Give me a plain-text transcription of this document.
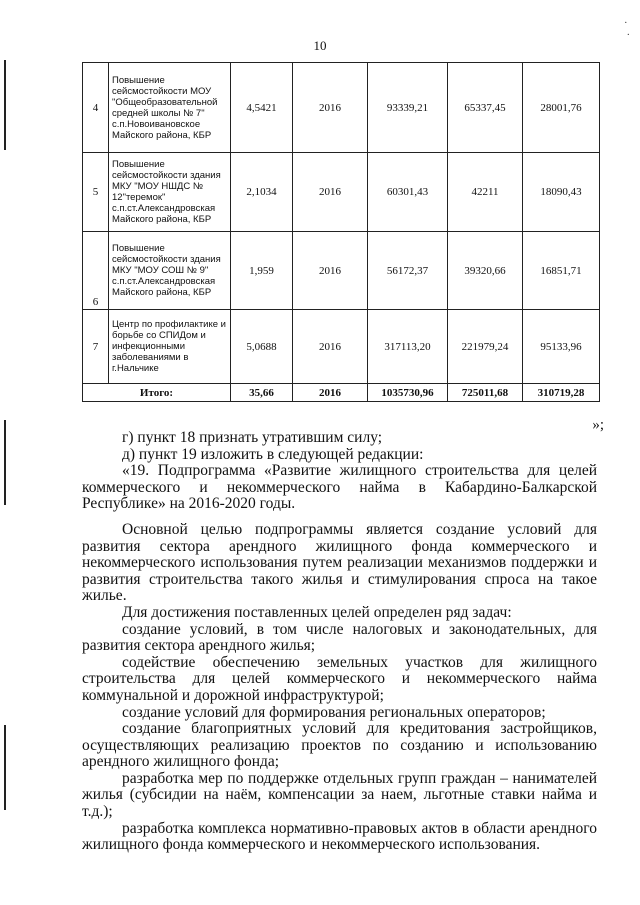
10
·
·
4	Повышение сейсмостойкости МОУ "Общеобразовательной средней школы № 7" с.п.Новоивановское Майского района, КБР	4,5421	2016	93339,21	65337,45	28001,76
5	Повышение сейсмостойкости здания МКУ "МОУ НШДС № 12"теремок" с.п.ст.Александровская Майского района, КБР	2,1034	2016	60301,43	42211	18090,43
6	Повышение сейсмостойкости здания МКУ "МОУ СОШ № 9" с.п.ст.Александровская Майского района, КБР	1,959	2016	56172,37	39320,66	16851,71
7	Центр по профилактике и борьбе со СПИДом и инфекционными заболеваниями в г.Нальчике	5,0688	2016	317113,20	221979,24	95133,96
Итого:		35,66	2016	1035730,96	725011,68	310719,28
»;

г) пункт 18 признать утратившим силу;

д) пункт 19 изложить в следующей редакции:

«19. Подпрограмма «Развитие жилищного строительства для целей коммерческого и некоммерческого найма в Кабардино-Балкарской Республике» на 2016-2020 годы.

Основной целью подпрограммы является создание условий для развития сектора арендного жилищного фонда коммерческого и некоммерческого использования путем реализации механизмов поддержки и развития строительства такого жилья и стимулирования спроса на такое жилье.

Для достижения поставленных целей определен ряд задач:

создание условий, в том числе налоговых и законодательных, для развития сектора арендного жилья;

содействие обеспечению земельных участков для жилищного строительства для целей коммерческого и некоммерческого найма коммунальной и дорожной инфраструктурой;

создание условий для формирования региональных операторов;

создание благоприятных условий для кредитования застройщиков, осуществляющих реализацию проектов по созданию и использованию арендного жилищного фонда;

разработка мер по поддержке отдельных групп граждан – нанимателей жилья (субсидии на наём, компенсации за наем, льготные ставки найма и т.д.);

разработка комплекса нормативно-правовых актов в области арендного жилищного фонда коммерческого и некоммерческого использования.
